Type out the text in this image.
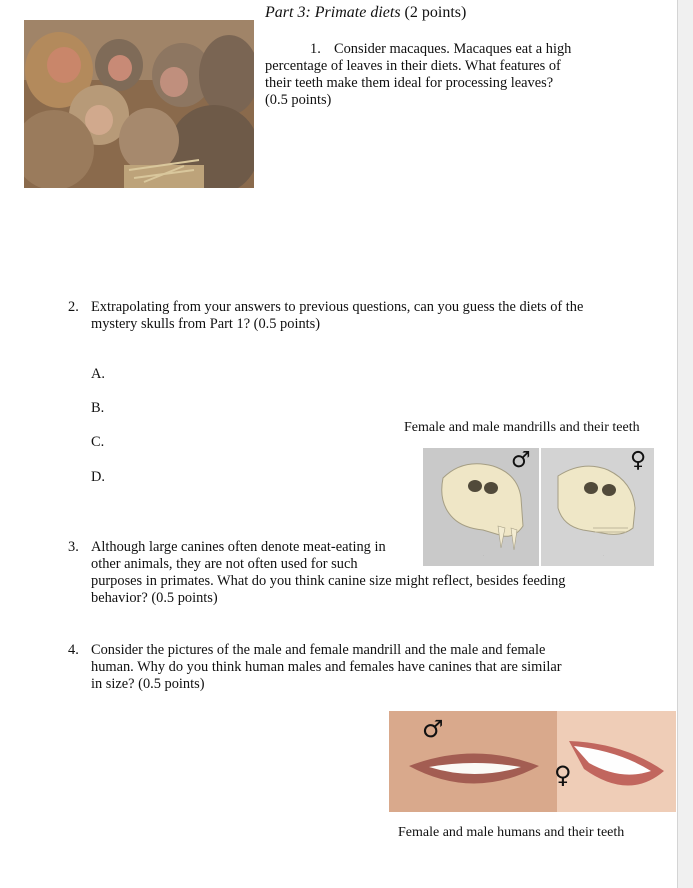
Part 3: Primate diets (2 points)
1. Consider macaques. Macaques eat a high
percentage of leaves in their diets. What features of
their teeth make them ideal for processing leaves?
(0.5 points)
2. Extrapolating from your answers to previous questions, can you guess the diets of the
mystery skulls from Part 1? (0.5 points)
A.
B.
C.
D.
Female and male mandrills and their teeth
.	.
♂	♀
3. Although large canines often denote meat-eating in
other animals, they are not often used for such
purposes in primates. What do you think canine size might reflect, besides feeding
behavior? (0.5 points)
4. Consider the pictures of the male and female mandrill and the male and female
human. Why do you think human males and females have canines that are similar
in size? (0.5 points)
♂
♀
Female and male humans and their teeth
